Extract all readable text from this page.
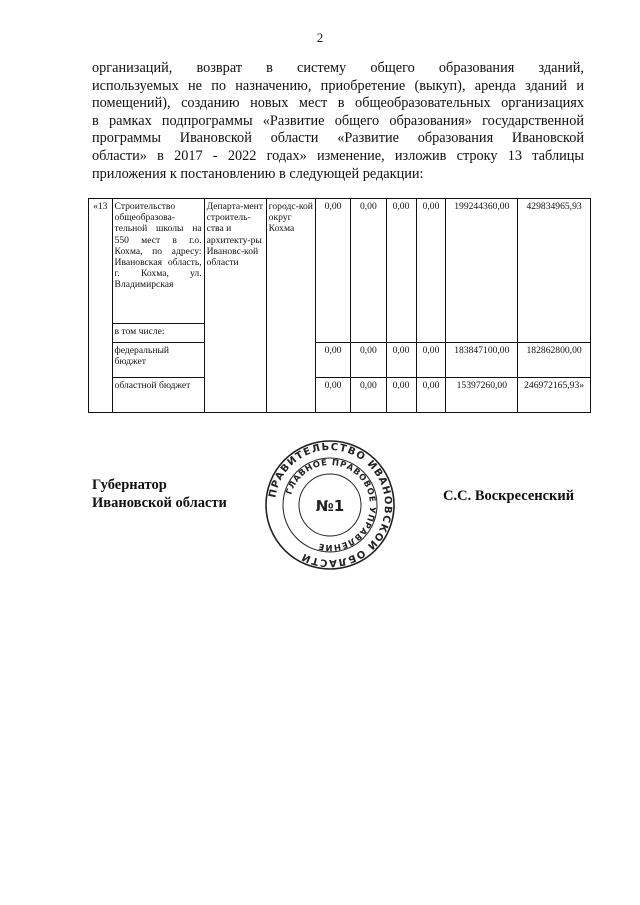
2

организаций, возврат в систему общего образования зданий,
используемых не по назначению, приобретение (выкуп), аренда зданий и
помещений), созданию новых мест в общеобразовательных организациях
в рамках подпрограммы «Развитие общего образования» государственной
программы Ивановской области «Развитие образования Ивановской
области» в 2017 - 2022 годах» изменение, изложив строку 13 таблицы
приложения к постановлению в следующей редакции:

«13	Строительство общеобразова-тельной школы на 550 мест в г.о. Кохма, по адресу: Ивановская область, г. Кохма, ул. Владимирская	Департа-мент строитель-ства и архитекту-ры Ивановс-кой области	городс-кой округ Кохма	0,00	0,00	0,00	0,00	199244360,00	429834965,93
	в том числе:								
	федеральный бюджет			0,00	0,00	0,00	0,00	183847100,00	182862800,00
	областной бюджет			0,00	0,00	0,00	0,00	15397260,00	246972165,93»
Губернатор
Ивановской области
ПРАВИТЕЛЬСТВО ИВАНОВСКОЙ ОБЛАСТИ
ГЛАВНОЕ ПРАВОВОЕ УПРАВЛЕНИЕ
№1
С.С. Воскресенский
